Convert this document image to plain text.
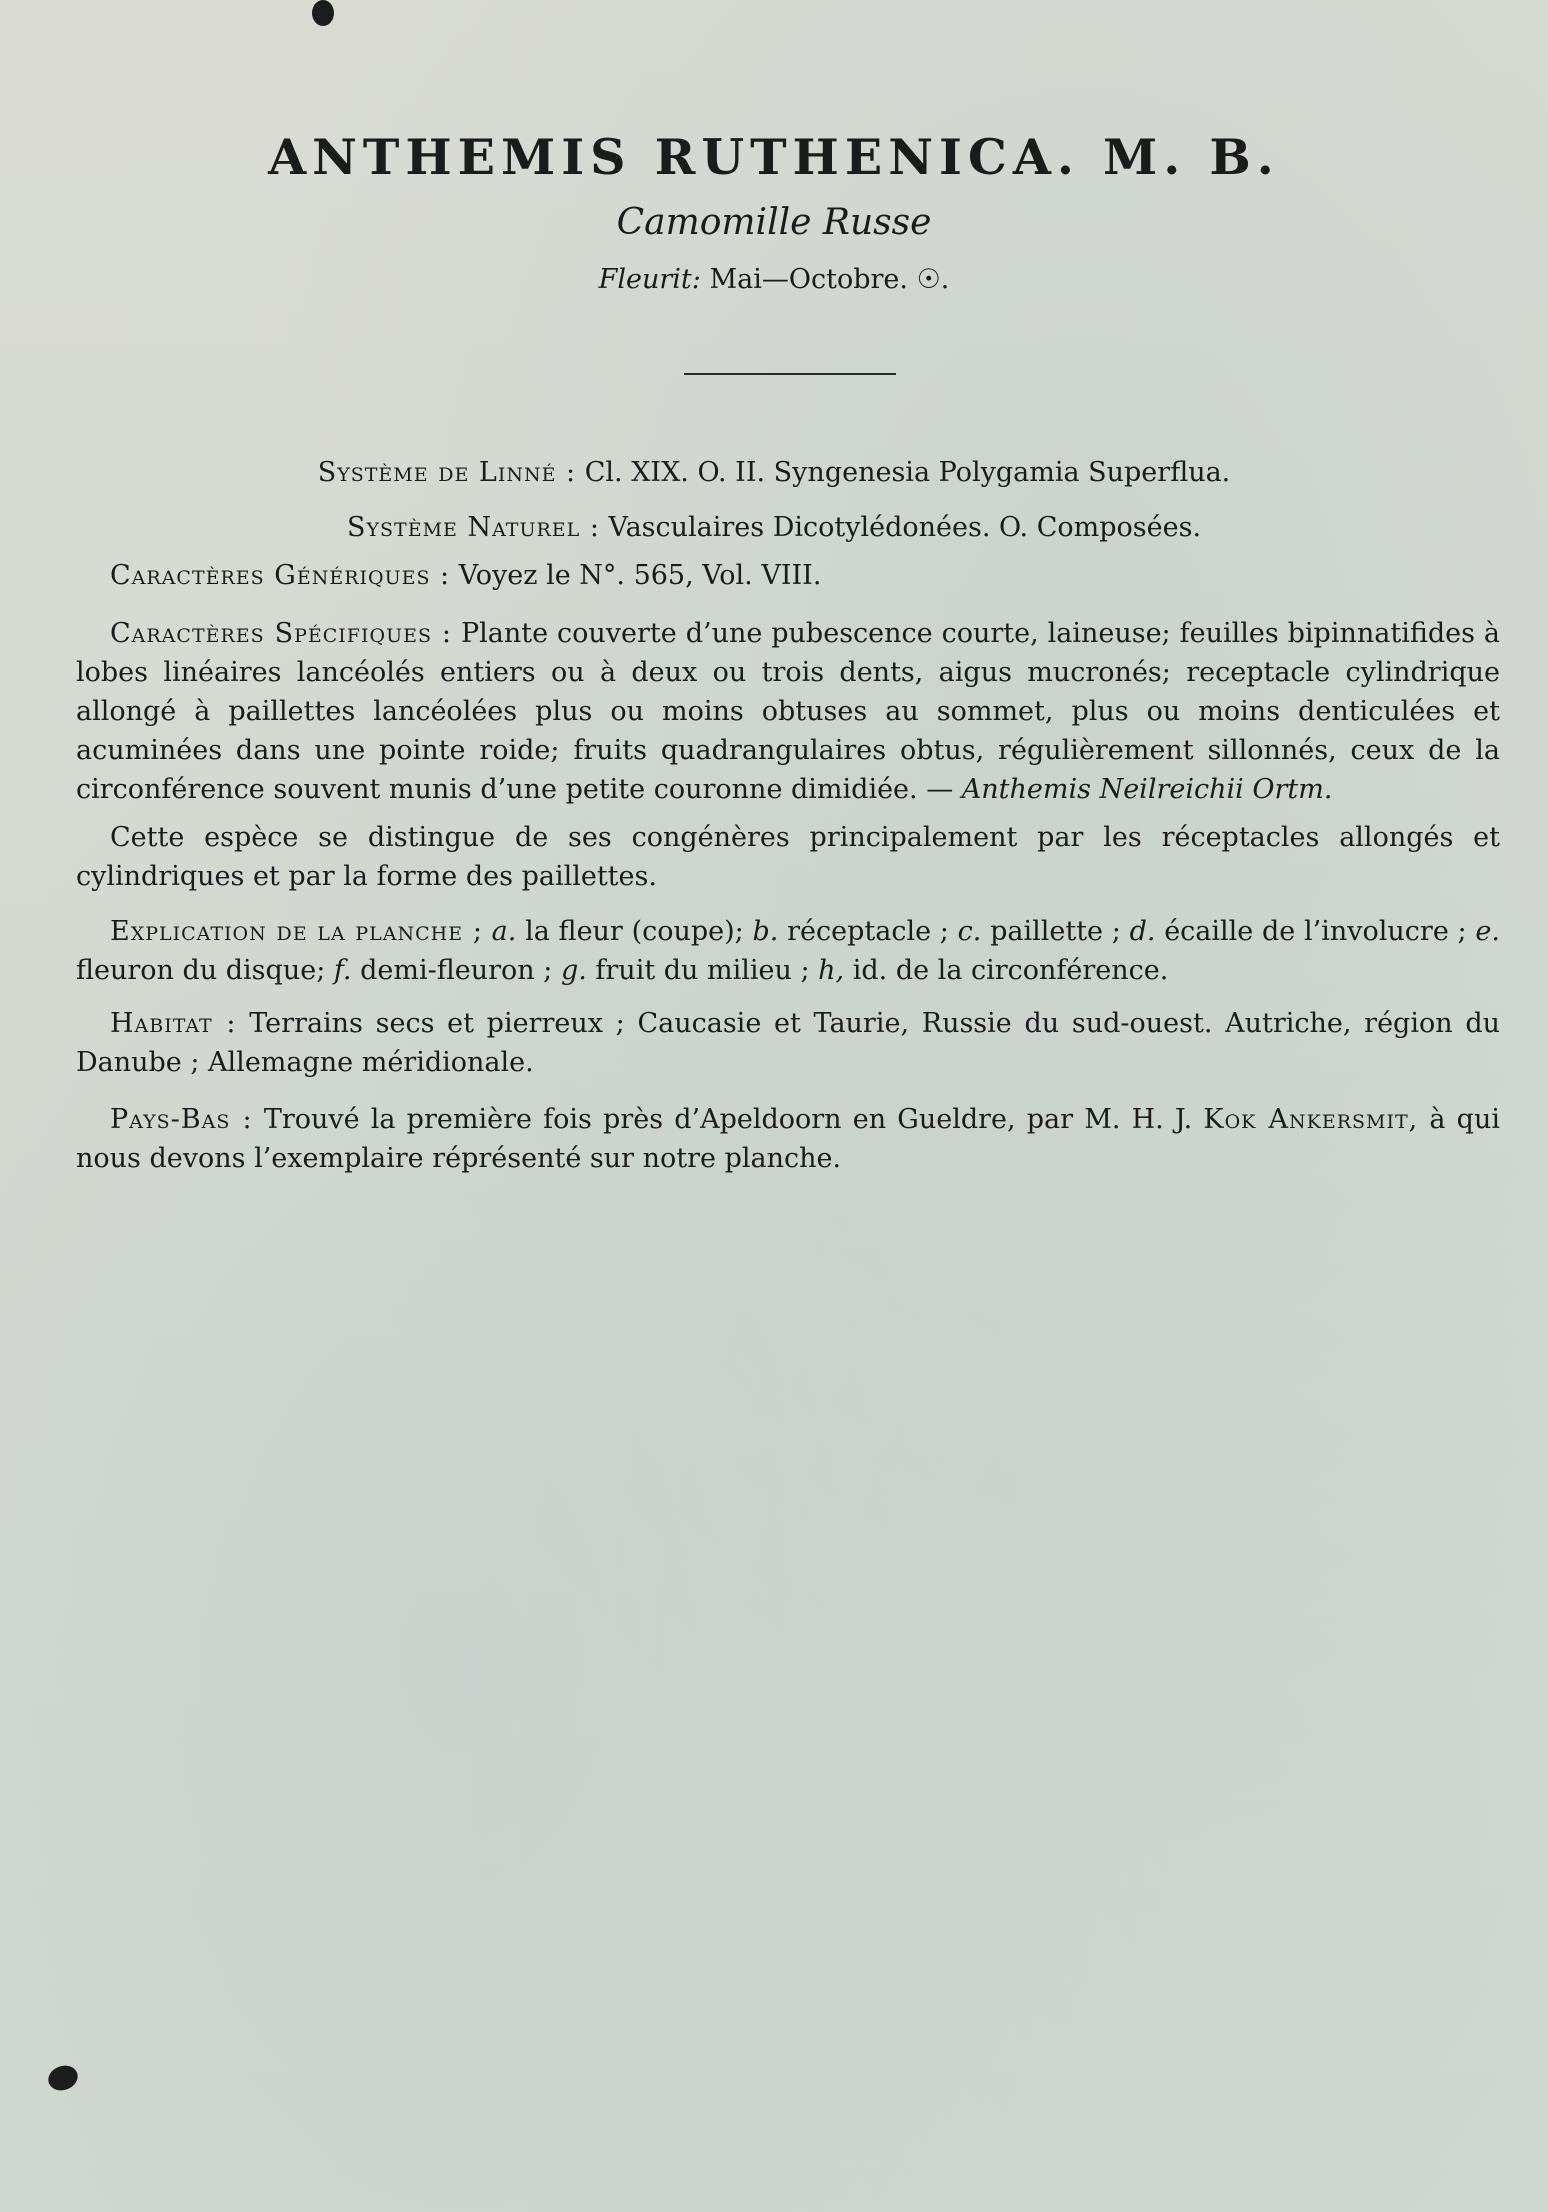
ANTHEMIS RUTHENICA. M. B.

Camomille Russe

Fleurit: Mai—Octobre. ☉.

Système de Linné : Cl. XIX. O. II. Syngenesia Polygamia Superflua.

Système Naturel : Vasculaires Dicotylédonées. O. Composées.

Caractères Génériques : Voyez le N°. 565, Vol. VIII.

Caractères Spécifiques : Plante couverte d’une pubescence courte, laineuse; feuilles bipinnatifides à lobes linéaires lancéolés entiers ou à deux ou trois dents, aigus mucronés; receptacle cylindrique allongé à paillettes lancéolées plus ou moins obtuses au sommet, plus ou moins denticulées et acuminées dans une pointe roide; fruits quadrangulaires obtus, régulièrement sillonnés, ceux de la circonférence souvent munis d’une petite couronne dimidiée. — Anthemis Neilreichii Ortm.

Cette espèce se distingue de ses congénères principalement par les réceptacles allongés et cylindriques et par la forme des paillettes.

Explication de la planche ; a. la fleur (coupe); b. réceptacle ; c. paillette ; d. écaille de l’involucre ; e. fleuron du disque; f. demi-fleuron ; g. fruit du milieu ; h, id. de la circonférence.

Habitat : Terrains secs et pierreux ; Caucasie et Taurie, Russie du sud-ouest. Autriche, région du Danube ; Allemagne méridionale.

Pays-Bas : Trouvé la première fois près d’Apeldoorn en Gueldre, par M. H. J. Kok Ankersmit, à qui nous devons l’exemplaire réprésenté sur notre planche.
